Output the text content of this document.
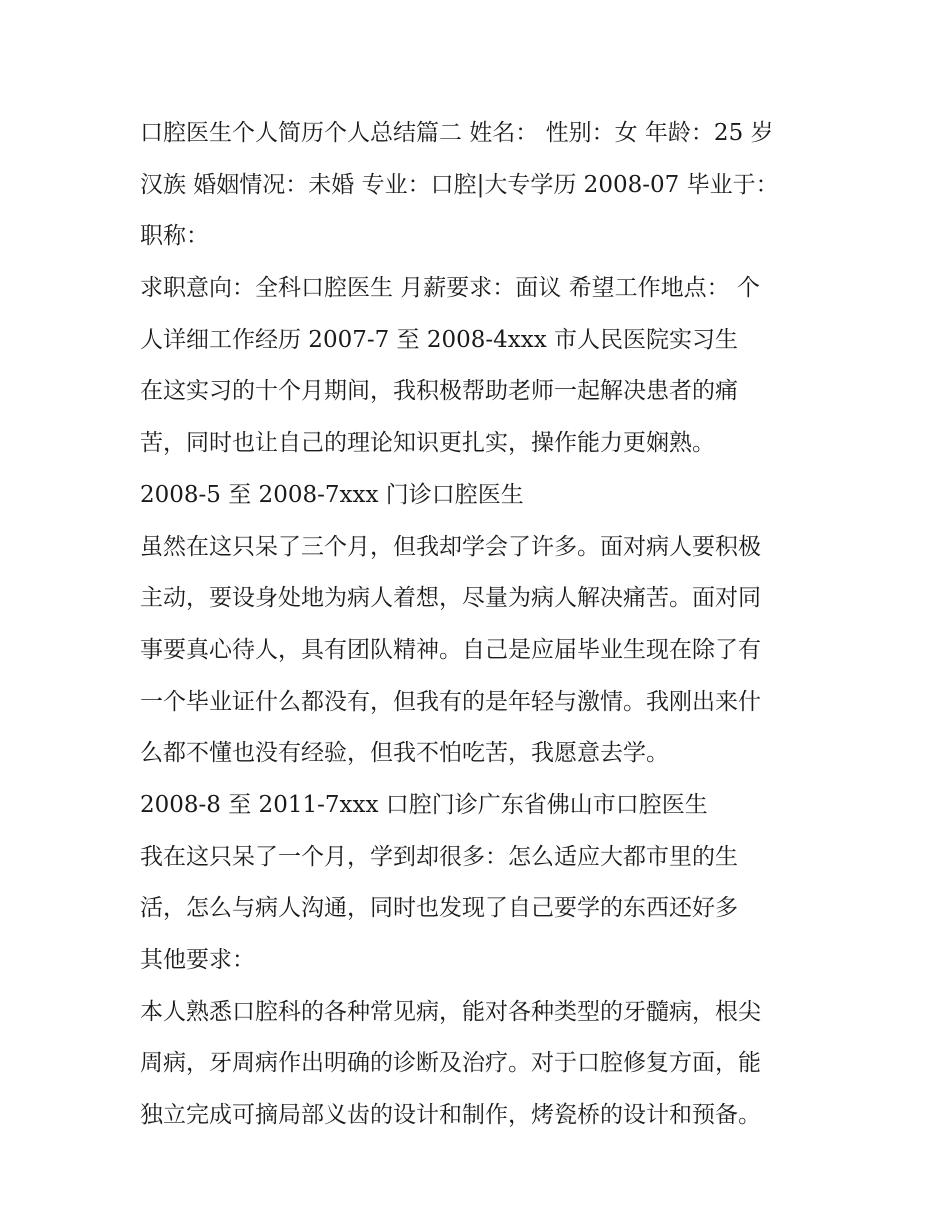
口腔医生个人简历个人总结篇二 姓名： 性别：女 年龄：25 岁
汉族 婚姻情况：未婚 专业：口腔|大专学历 2008-07 毕业于：
职称：
求职意向：全科口腔医生 月薪要求：面议 希望工作地点： 个
人详细工作经历 2007-7 至 2008-4xxx 市人民医院实习生
在这实习的十个月期间，我积极帮助老师一起解决患者的痛
苦，同时也让自己的理论知识更扎实，操作能力更娴熟。
2008-5 至 2008-7xxx 门诊口腔医生
虽然在这只呆了三个月，但我却学会了许多。面对病人要积极
主动，要设身处地为病人着想，尽量为病人解决痛苦。面对同
事要真心待人，具有团队精神。自己是应届毕业生现在除了有
一个毕业证什么都没有，但我有的是年轻与激情。我刚出来什
么都不懂也没有经验，但我不怕吃苦，我愿意去学。
2008-8 至 2011-7xxx 口腔门诊广东省佛山市口腔医生
我在这只呆了一个月，学到却很多：怎么适应大都市里的生
活，怎么与病人沟通，同时也发现了自己要学的东西还好多
其他要求：
本人熟悉口腔科的各种常见病，能对各种类型的牙髓病，根尖
周病，牙周病作出明确的诊断及治疗。对于口腔修复方面，能
独立完成可摘局部义齿的设计和制作，烤瓷桥的设计和预备。
